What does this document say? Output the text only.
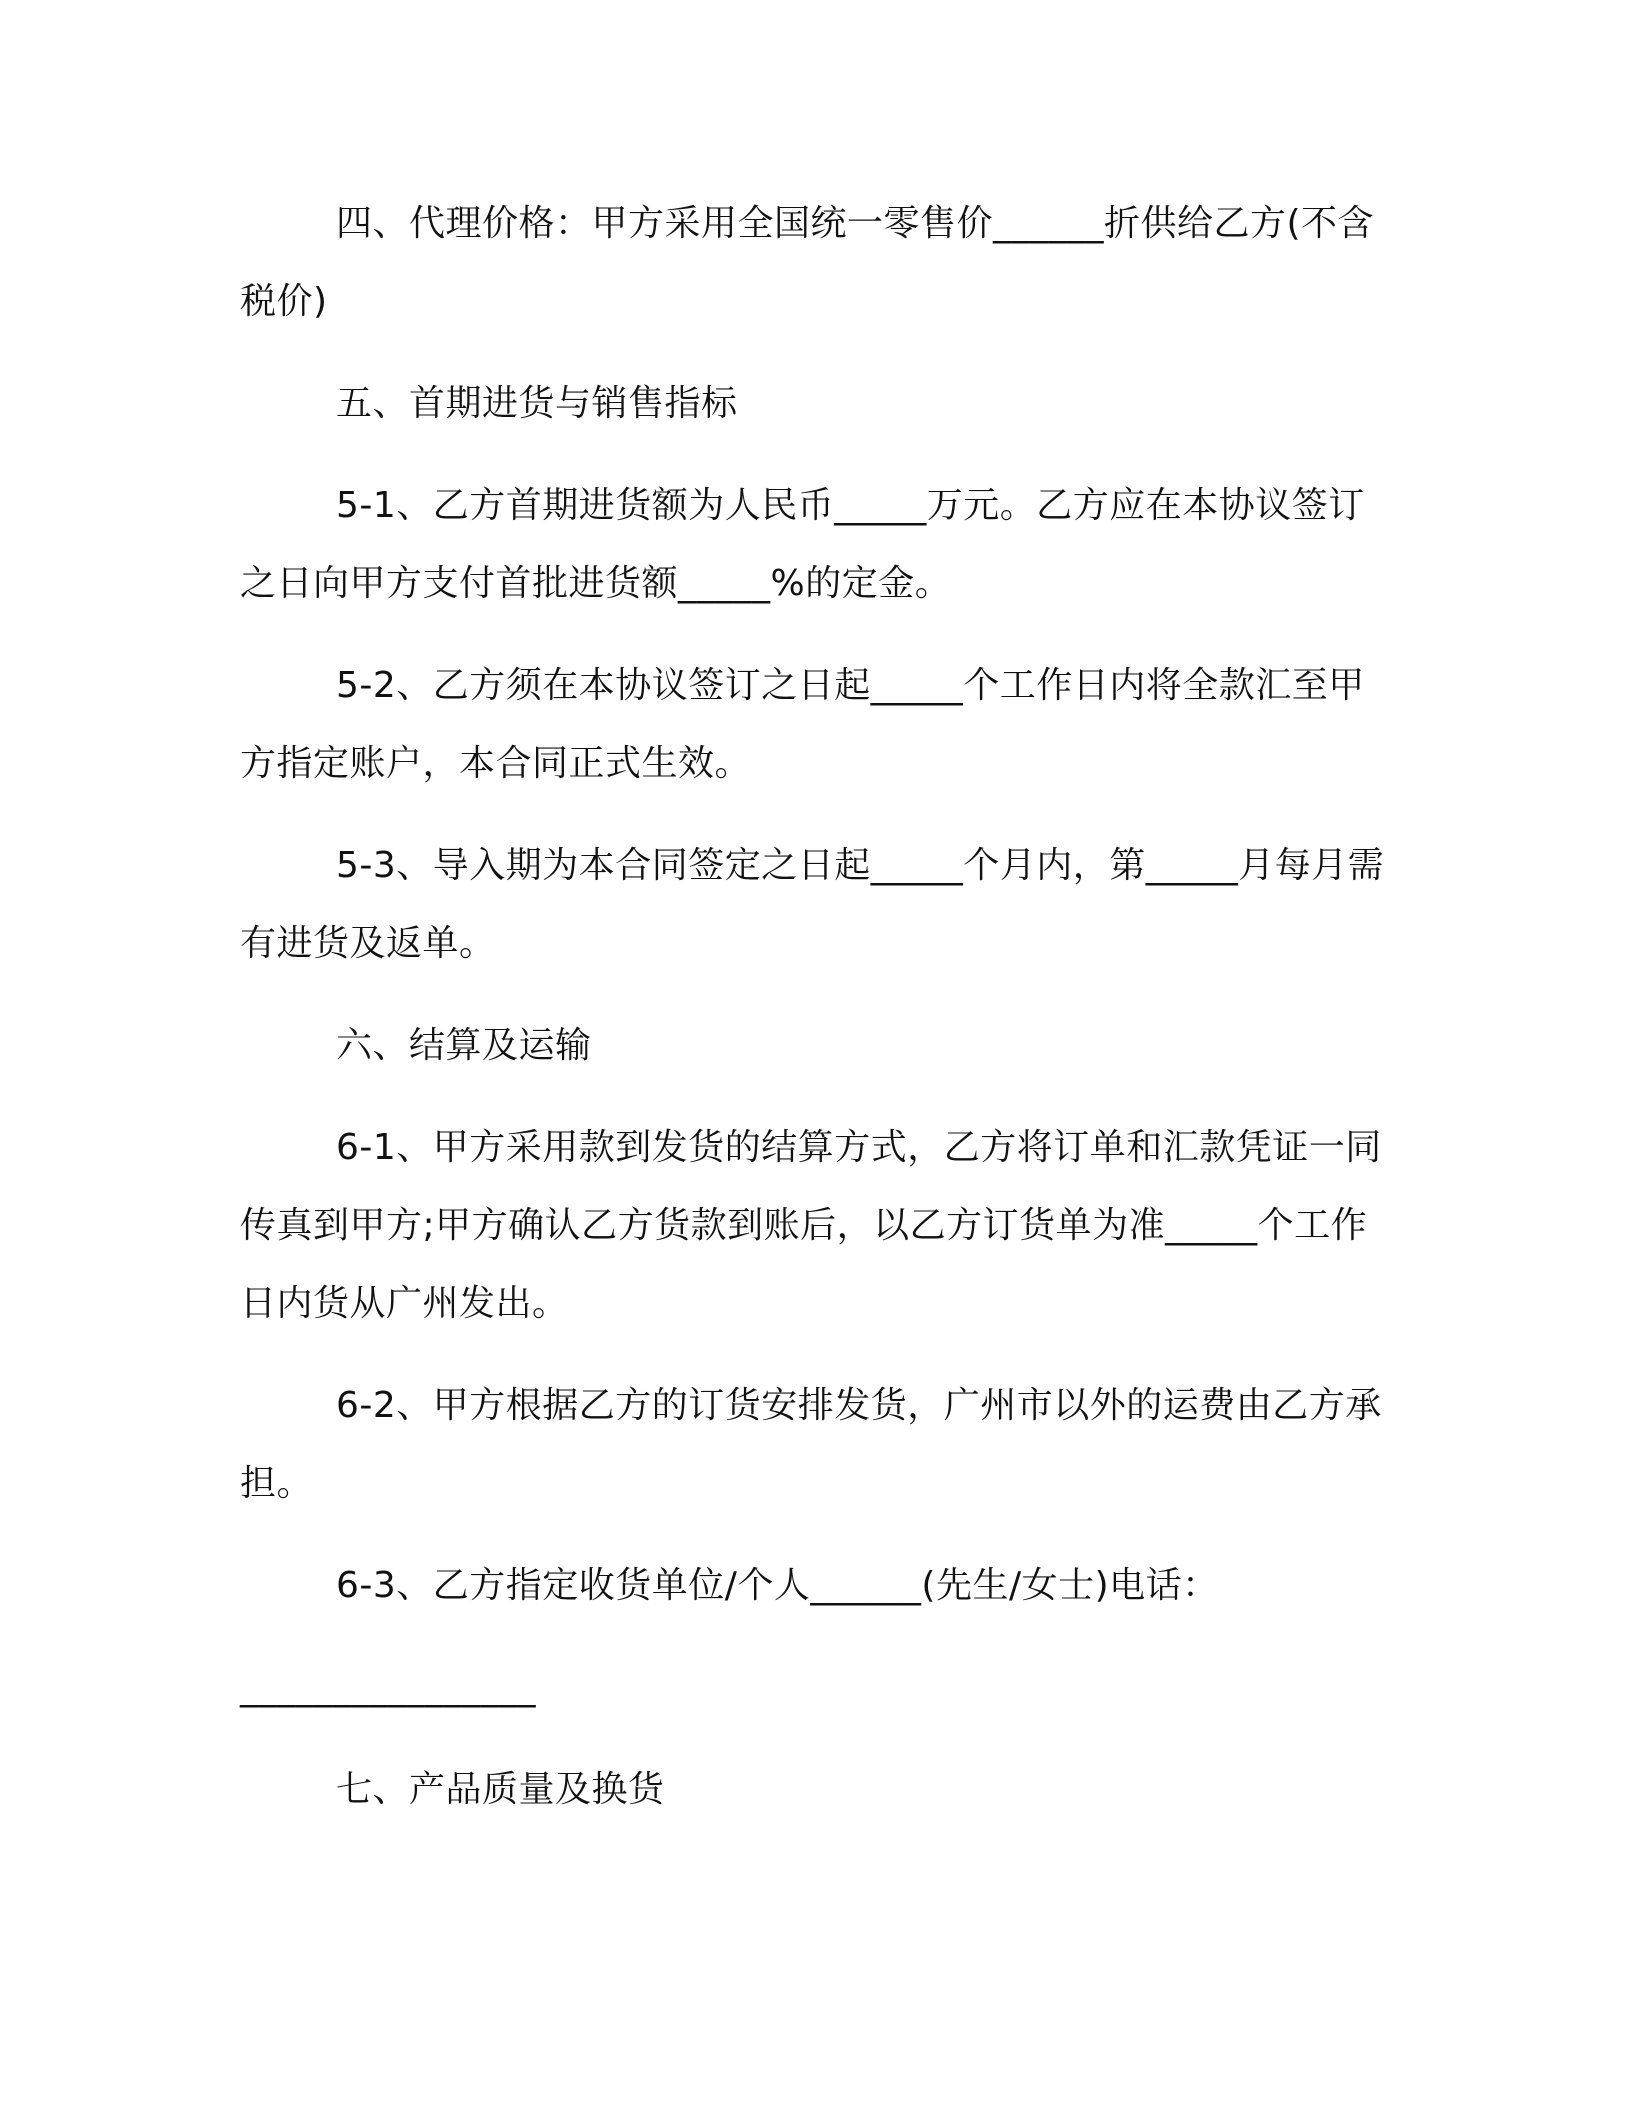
四、代理价格：甲方采用全国统一零售价______折供给乙方(不含税价)

五、首期进货与销售指标

5-1、乙方首期进货额为人民币_____万元。乙方应在本协议签订之日向甲方支付首批进货额_____%的定金。

5-2、乙方须在本协议签订之日起_____个工作日内将全款汇至甲方指定账户，本合同正式生效。

5-3、导入期为本合同签定之日起_____个月内，第_____月每月需有进货及返单。

六、结算及运输

6-1、甲方采用款到发货的结算方式，乙方将订单和汇款凭证一同传真到甲方;甲方确认乙方货款到账后，以乙方订货单为准_____个工作日内货从广州发出。

6-2、甲方根据乙方的订货安排发货，广州市以外的运费由乙方承担。

6-3、乙方指定收货单位/个人______(先生/女士)电话：

________________

七、产品质量及换货
